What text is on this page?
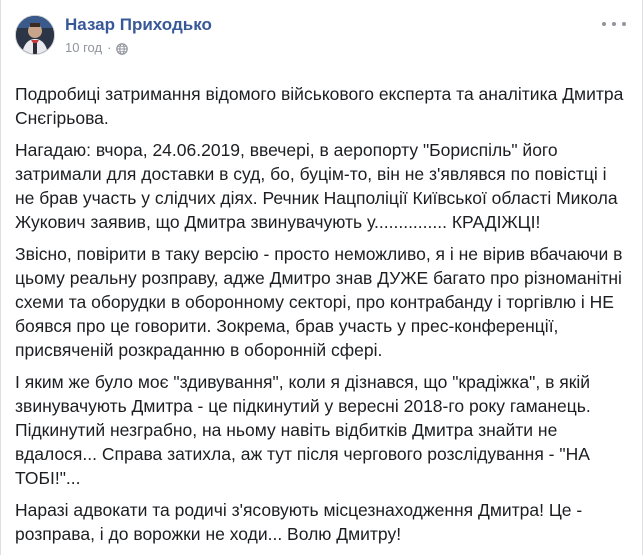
Назар Приходько
10 год ·

Подробиці затримання відомого військового експерта та аналітика Дмитра Снєгірьова.

Нагадаю: вчора, 24.06.2019, ввечері, в аеропорту "Бориспіль" його затримали для доставки в суд, бо, буцім-то, він не з'являвся по повістці і не брав участь у слідчих діях. Речник Нацполіції Київської області Микола Жукович заявив, що Дмитра звинувачують у............... КРАДІЖЦІ!

Звісно, повірити в таку версію - просто неможливо, я і не вірив вбачаючи в цьому реальну розправу, адже Дмитро знав ДУЖЕ багато про різноманітні схеми та оборудки в оборонному секторі, про контрабанду і торгівлю і НЕ боявся про це говорити. Зокрема, брав участь у прес-конференції, присвяченій розкраданню в оборонній сфері.

І яким же було моє "здивування", коли я дізнався, що "крадіжка", в якій звинувачують Дмитра - це підкинутий у вересні 2018-го року гаманець. Підкинутий незграбно, на ньому навіть відбитків Дмитра знайти не вдалося... Справа затихла, аж тут після чергового розслідування - "НА ТОБІ!"...

Наразі адвокати та родичі з'ясовують місцезнаходження Дмитра! Це - розправа, і до ворожки не ходи... Волю Дмитру!
